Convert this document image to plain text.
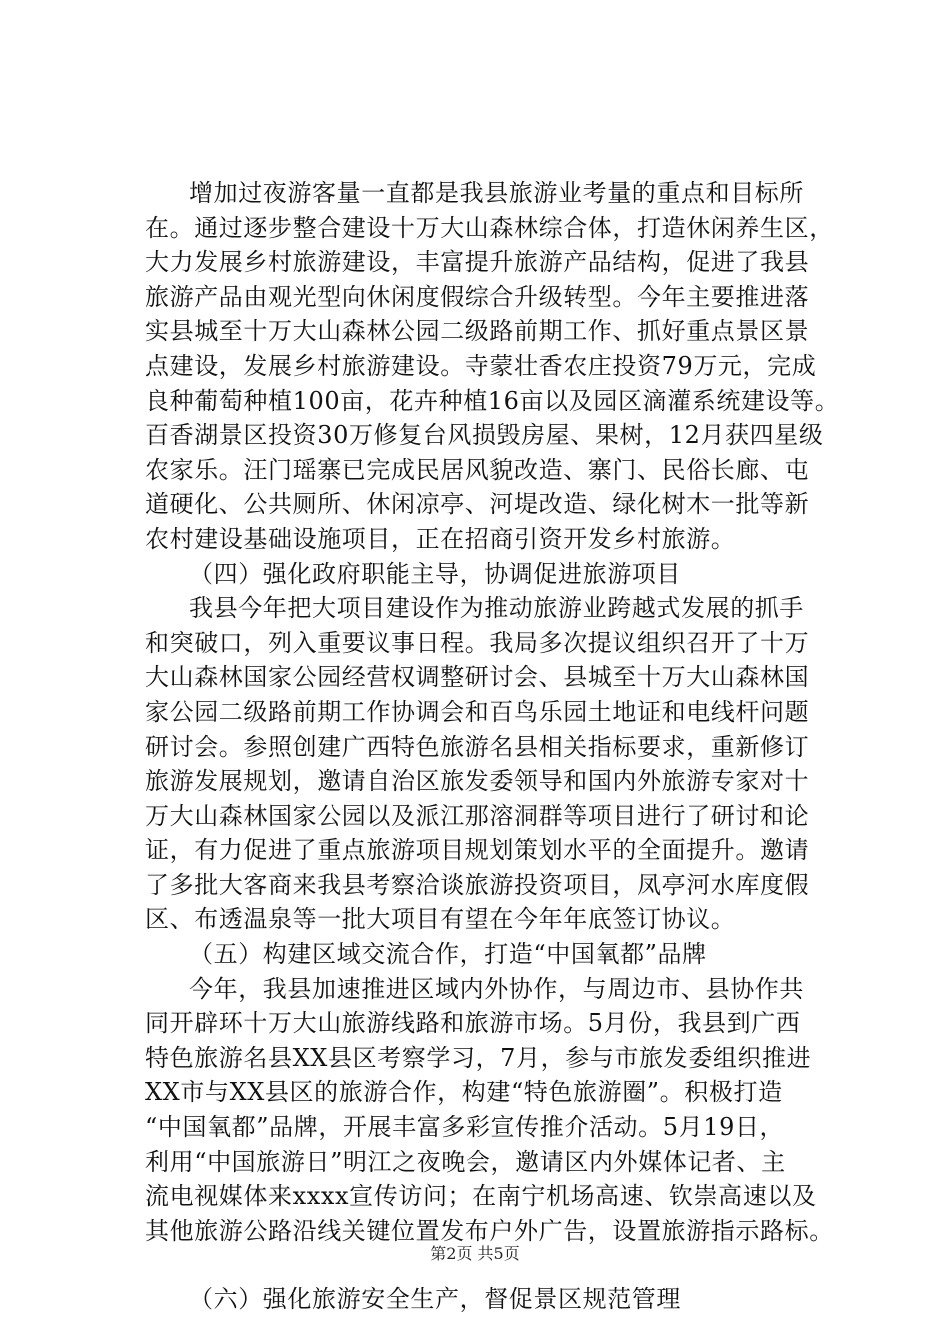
增加过夜游客量一直都是我县旅游业考量的重点和目标所
在。通过逐步整合建设十万大山森林综合体，打造休闲养生区，
大力发展乡村旅游建设，丰富提升旅游产品结构，促进了我县
旅游产品由观光型向休闲度假综合升级转型。今年主要推进落
实县城至十万大山森林公园二级路前期工作、抓好重点景区景
点建设，发展乡村旅游建设。寺蒙壮香农庄投资79万元，完成
良种葡萄种植100亩，花卉种植16亩以及园区滴灌系统建设等。
百香湖景区投资30万修复台风损毁房屋、果树，12月获四星级
农家乐。汪门瑶寨已完成民居风貌改造、寨门、民俗长廊、屯
道硬化、公共厕所、休闲凉亭、河堤改造、绿化树木一批等新
农村建设基础设施项目，正在招商引资开发乡村旅游。
（四）强化政府职能主导，协调促进旅游项目
我县今年把大项目建设作为推动旅游业跨越式发展的抓手
和突破口，列入重要议事日程。我局多次提议组织召开了十万
大山森林国家公园经营权调整研讨会、县城至十万大山森林国
家公园二级路前期工作协调会和百鸟乐园土地证和电线杆问题
研讨会。参照创建广西特色旅游名县相关指标要求，重新修订
旅游发展规划，邀请自治区旅发委领导和国内外旅游专家对十
万大山森林国家公园以及派江那溶洞群等项目进行了研讨和论
证，有力促进了重点旅游项目规划策划水平的全面提升。邀请
了多批大客商来我县考察洽谈旅游投资项目，凤亭河水库度假
区、布透温泉等一批大项目有望在今年年底签订协议。
（五）构建区域交流合作，打造“中国氧都”品牌
今年，我县加速推进区域内外协作，与周边市、县协作共
同开辟环十万大山旅游线路和旅游市场。5月份，我县到广西
特色旅游名县XX县区考察学习，7月，参与市旅发委组织推进
XX市与XX县区的旅游合作，构建“特色旅游圈”。积极打造
“中国氧都”品牌，开展丰富多彩宣传推介活动。5月19日，
利用“中国旅游日”明江之夜晚会，邀请区内外媒体记者、主
流电视媒体来xxxx宣传访问；在南宁机场高速、钦崇高速以及
其他旅游公路沿线关键位置发布户外广告，设置旅游指示路标。
（六）强化旅游安全生产，督促景区规范管理
第2页 共5页
